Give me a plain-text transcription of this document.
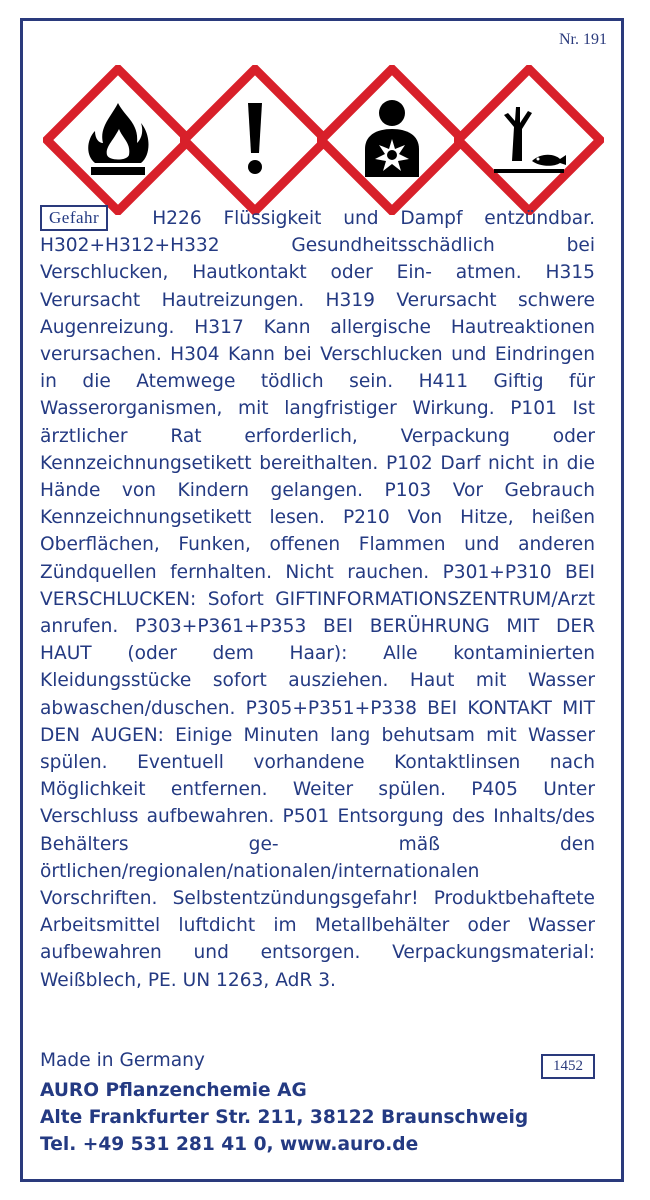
Nr. 191
Gefahr	H226 Flüssigkeit und Dampf entzündbar. H302+H312+H332 Gesundheitsschädlich bei Verschlucken, Hautkontakt oder Ein- atmen. H315 Verursacht Hautreizungen. H319 Verursacht schwere Augenreizung. H317 Kann allergische Hautreaktionen verursachen. H304 Kann bei Verschlucken und Eindringen in die Atemwege tödlich sein. H411 Giftig für Wasserorganismen, mit langfristiger Wirkung. P101 Ist ärztlicher Rat erforderlich, Verpackung oder Kennzeichnungsetikett bereithalten. P102 Darf nicht in die Hände von Kindern gelangen. P103 Vor Gebrauch Kennzeichnungsetikett lesen. P210 Von Hitze, heißen Oberflächen, Funken, offenen Flammen und anderen Zündquellen fernhalten. Nicht rauchen. P301+P310 BEI VERSCHLUCKEN: Sofort GIFTINFORMATIONSZENTRUM/Arzt anrufen. P303+P361+P353 BEI BERÜHRUNG MIT DER HAUT (oder dem Haar): Alle kontaminierten Kleidungsstücke sofort ausziehen. Haut mit Wasser abwaschen/duschen. P305+P351+P338 BEI KONTAKT MIT DEN AUGEN: Einige Minuten lang behutsam mit Wasser spülen. Eventuell vorhandene Kontaktlinsen nach Möglichkeit entfernen. Weiter spülen. P405 Unter Verschluss aufbewahren. P501 Entsorgung des Inhalts/des Behälters ge- mäß den örtlichen/regionalen/nationalen/internationalen Vorschriften. Selbstentzündungsgefahr! Produktbehaftete Arbeitsmittel luftdicht im Metallbehälter oder Wasser aufbewahren und entsorgen. Verpackungsmaterial: Weißblech, PE. UN 1263, AdR 3.
Made in Germany	1452
AURO Pflanzenchemie AG
Alte Frankfurter Str. 211, 38122 Braunschweig
Tel. +49 531 281 41 0, www.auro.de
